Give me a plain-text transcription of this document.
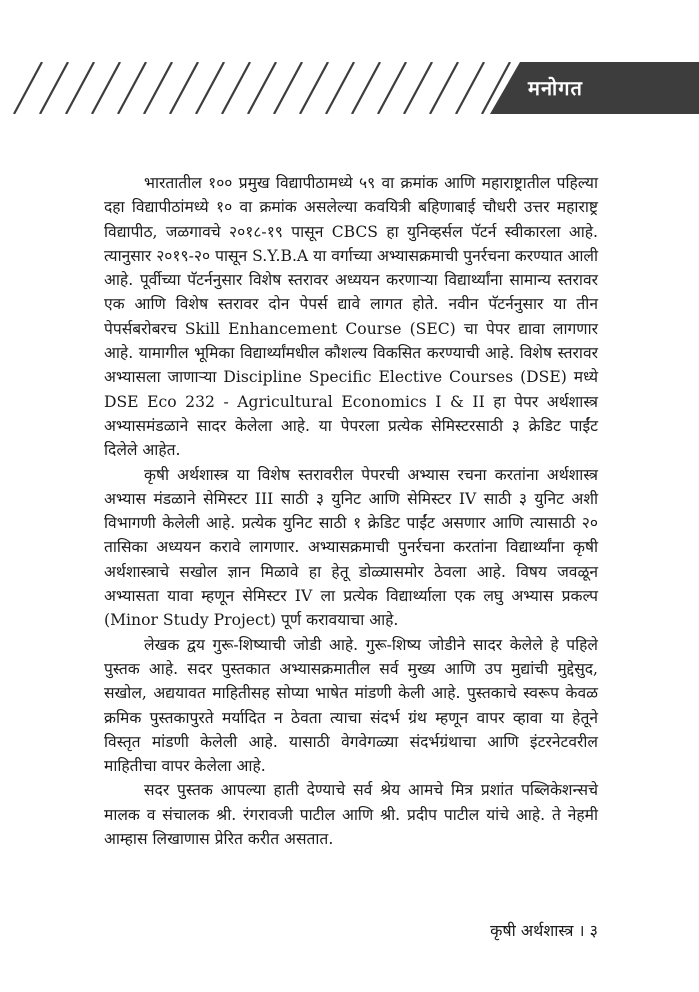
मनोगत

भारतातील १०० प्रमुख विद्यापीठामध्ये ५९ वा क्रमांक आणि महाराष्ट्रातील पहिल्या दहा विद्यापीठांमध्ये १० वा क्रमांक असलेल्या कवयित्री बहिणाबाई चौधरी उत्तर महाराष्ट्र विद्यापीठ, जळगावचे २०१८-१९ पासून CBCS हा युनिव्हर्सल पॅटर्न स्वीकारला आहे. त्यानुसार २०१९-२० पासून S.Y.B.A या वर्गाच्या अभ्यासक्रमाची पुनर्रचना करण्यात आली आहे. पूर्वीच्या पॅटर्ननुसार विशेष स्तरावर अध्ययन करणाऱ्या विद्यार्थ्यांना सामान्य स्तरावर एक आणि विशेष स्तरावर दोन पेपर्स द्यावे लागत होते. नवीन पॅटर्ननुसार या तीन पेपर्सबरोबरच Skill Enhancement Course (SEC) चा पेपर द्यावा लागणार आहे. यामागील भूमिका विद्यार्थ्यांमधील कौशल्य विकसित करण्याची आहे. विशेष स्तरावर अभ्यासला जाणाऱ्या Discipline Specific Elective Courses (DSE) मध्ये DSE Eco 232 - Agricultural Economics I & II हा पेपर अर्थशास्त्र अभ्यासमंडळाने सादर केलेला आहे. या पेपरला प्रत्येक सेमिस्टरसाठी ३ क्रेडिट पाईंट दिलेले आहेत.

कृषी अर्थशास्त्र या विशेष स्तरावरील पेपरची अभ्यास रचना करतांना अर्थशास्त्र अभ्यास मंडळाने सेमिस्टर III साठी ३ युनिट आणि सेमिस्टर IV साठी ३ युनिट अशी विभागणी केलेली आहे. प्रत्येक युनिट साठी १ क्रेडिट पाईंट असणार आणि त्यासाठी २० तासिका अध्ययन करावे लागणार. अभ्यासक्रमाची पुनर्रचना करतांना विद्यार्थ्यांना कृषी अर्थशास्त्राचे सखोल ज्ञान मिळावे हा हेतू डोळ्यासमोर ठेवला आहे. विषय जवळून अभ्यासता यावा म्हणून सेमिस्टर IV ला प्रत्येक विद्यार्थ्याला एक लघु अभ्यास प्रकल्प (Minor Study Project) पूर्ण करावयाचा आहे.

लेखक द्वय गुरू-शिष्याची जोडी आहे. गुरू-शिष्य जोडीने सादर केलेले हे पहिले पुस्तक आहे. सदर पुस्तकात अभ्यासक्रमातील सर्व मुख्य आणि उप मुद्यांची मुद्देसुद, सखोल, अद्ययावत माहितीसह सोप्या भाषेत मांडणी केली आहे. पुस्तकाचे स्वरूप केवळ क्रमिक पुस्तकापुरते मर्यादित न ठेवता त्याचा संदर्भ ग्रंथ म्हणून वापर व्हावा या हेतूने विस्तृत मांडणी केलेली आहे. यासाठी वेगवेगळ्या संदर्भग्रंथाचा आणि इंटरनेटवरील माहितीचा वापर केलेला आहे.

सदर पुस्तक आपल्या हाती देण्याचे सर्व श्रेय आमचे मित्र प्रशांत पब्लिकेशन्सचे मालक व संचालक श्री. रंगरावजी पाटील आणि श्री. प्रदीप पाटील यांचे आहे. ते नेहमी आम्हास लिखाणास प्रेरित करीत असतात.

कृषी अर्थशास्त्र । ३
